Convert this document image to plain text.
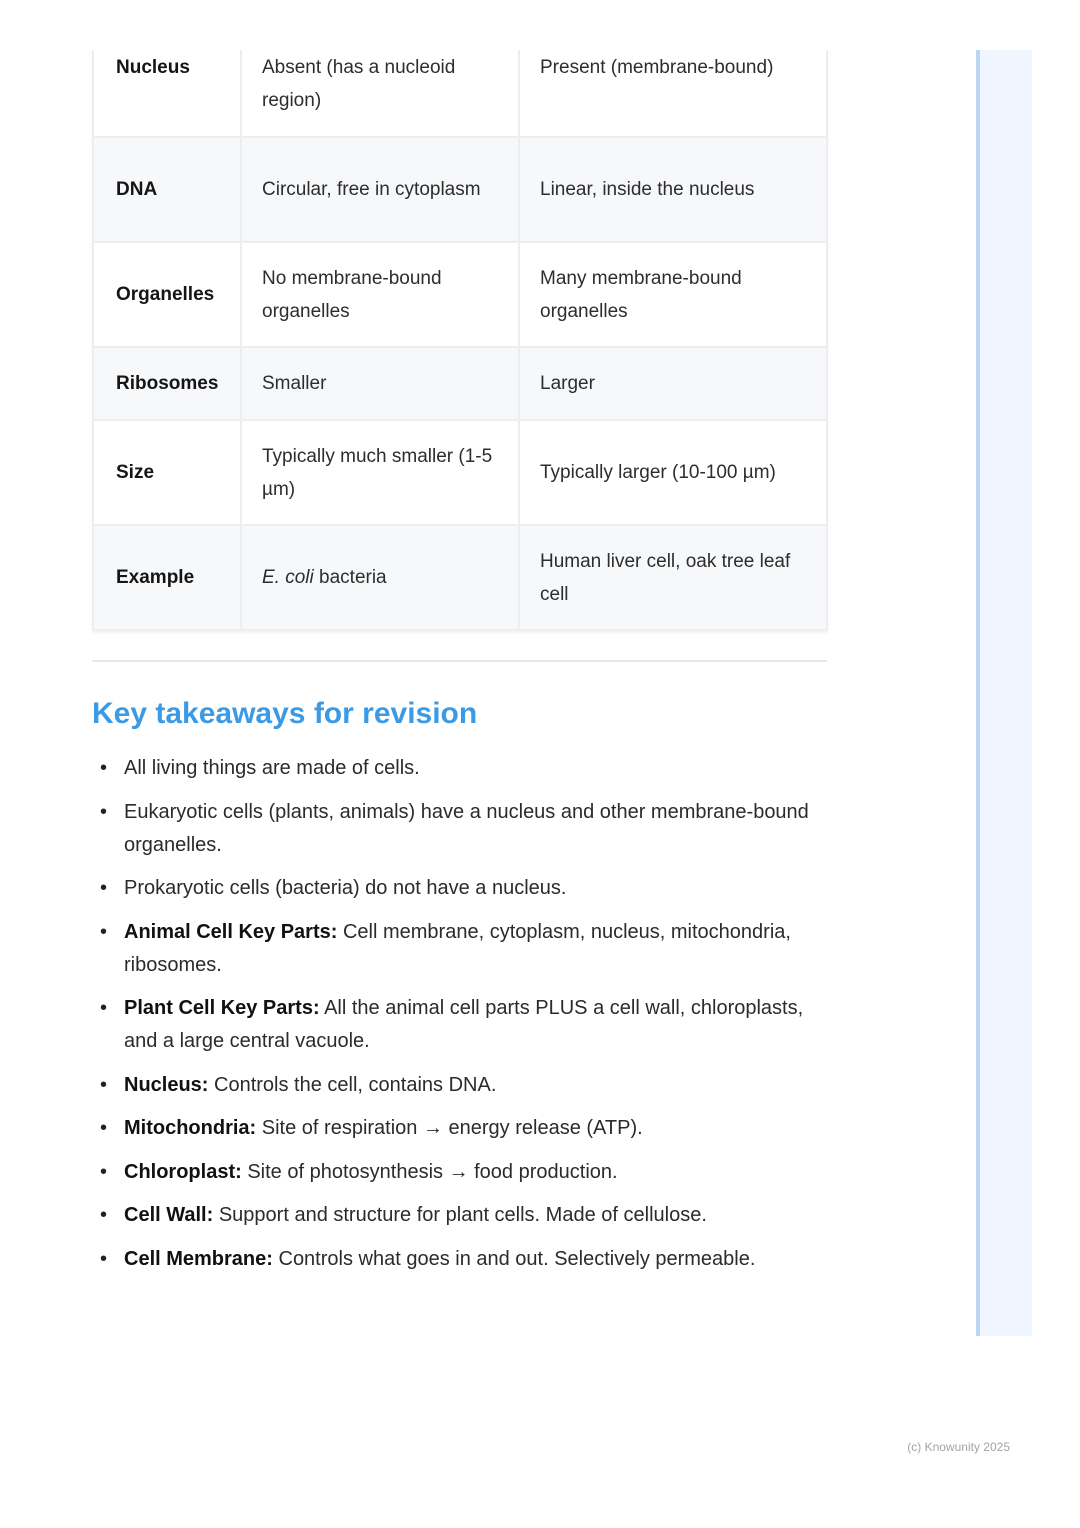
Nucleus	Absent (has a nucleoid region)	Present (membrane-bound)
DNA	Circular, free in cytoplasm	Linear, inside the nucleus
Organelles	No membrane-bound organelles	Many membrane-bound organelles
Ribosomes	Smaller	Larger
Size	Typically much smaller (1-5 µm)	Typically larger (10-100 µm)
Example	E. coli bacteria	Human liver cell, oak tree leaf cell
Key takeaways for revision
• All living things are made of cells.
• Eukaryotic cells (plants, animals) have a nucleus and other membrane-bound organelles.
• Prokaryotic cells (bacteria) do not have a nucleus.
• Animal Cell Key Parts: Cell membrane, cytoplasm, nucleus, mitochondria, ribosomes.
• Plant Cell Key Parts: All the animal cell parts PLUS a cell wall, chloroplasts, and a large central vacuole.
• Nucleus: Controls the cell, contains DNA.
• Mitochondria: Site of respiration → energy release (ATP).
• Chloroplast: Site of photosynthesis → food production.
• Cell Wall: Support and structure for plant cells. Made of cellulose.
• Cell Membrane: Controls what goes in and out. Selectively permeable.
(c) Knowunity 2025
